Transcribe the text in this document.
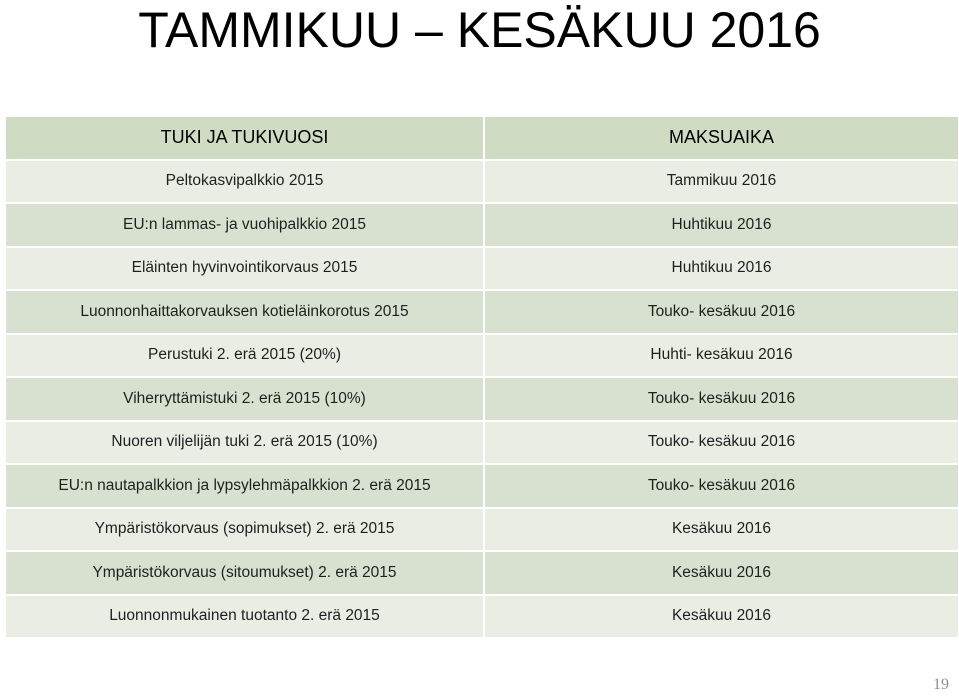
TAMMIKUU – KESÄKUU 2016
TUKI JA TUKIVUOSI	MAKSUAIKA
Peltokasvipalkkio 2015	Tammikuu 2016
EU:n lammas- ja vuohipalkkio 2015	Huhtikuu 2016
Eläinten hyvinvointikorvaus 2015	Huhtikuu 2016
Luonnonhaittakorvauksen kotieläinkorotus 2015	Touko- kesäkuu 2016
Perustuki 2. erä 2015 (20%)	Huhti- kesäkuu 2016
Viherryttämistuki 2. erä 2015 (10%)	Touko- kesäkuu 2016
Nuoren viljelijän tuki 2. erä 2015 (10%)	Touko- kesäkuu 2016
EU:n nautapalkkion ja lypsylehmäpalkkion 2. erä 2015	Touko- kesäkuu 2016
Ympäristökorvaus (sopimukset) 2. erä 2015	Kesäkuu 2016
Ympäristökorvaus (sitoumukset) 2. erä 2015	Kesäkuu 2016
Luonnonmukainen tuotanto 2. erä 2015	Kesäkuu 2016
19
